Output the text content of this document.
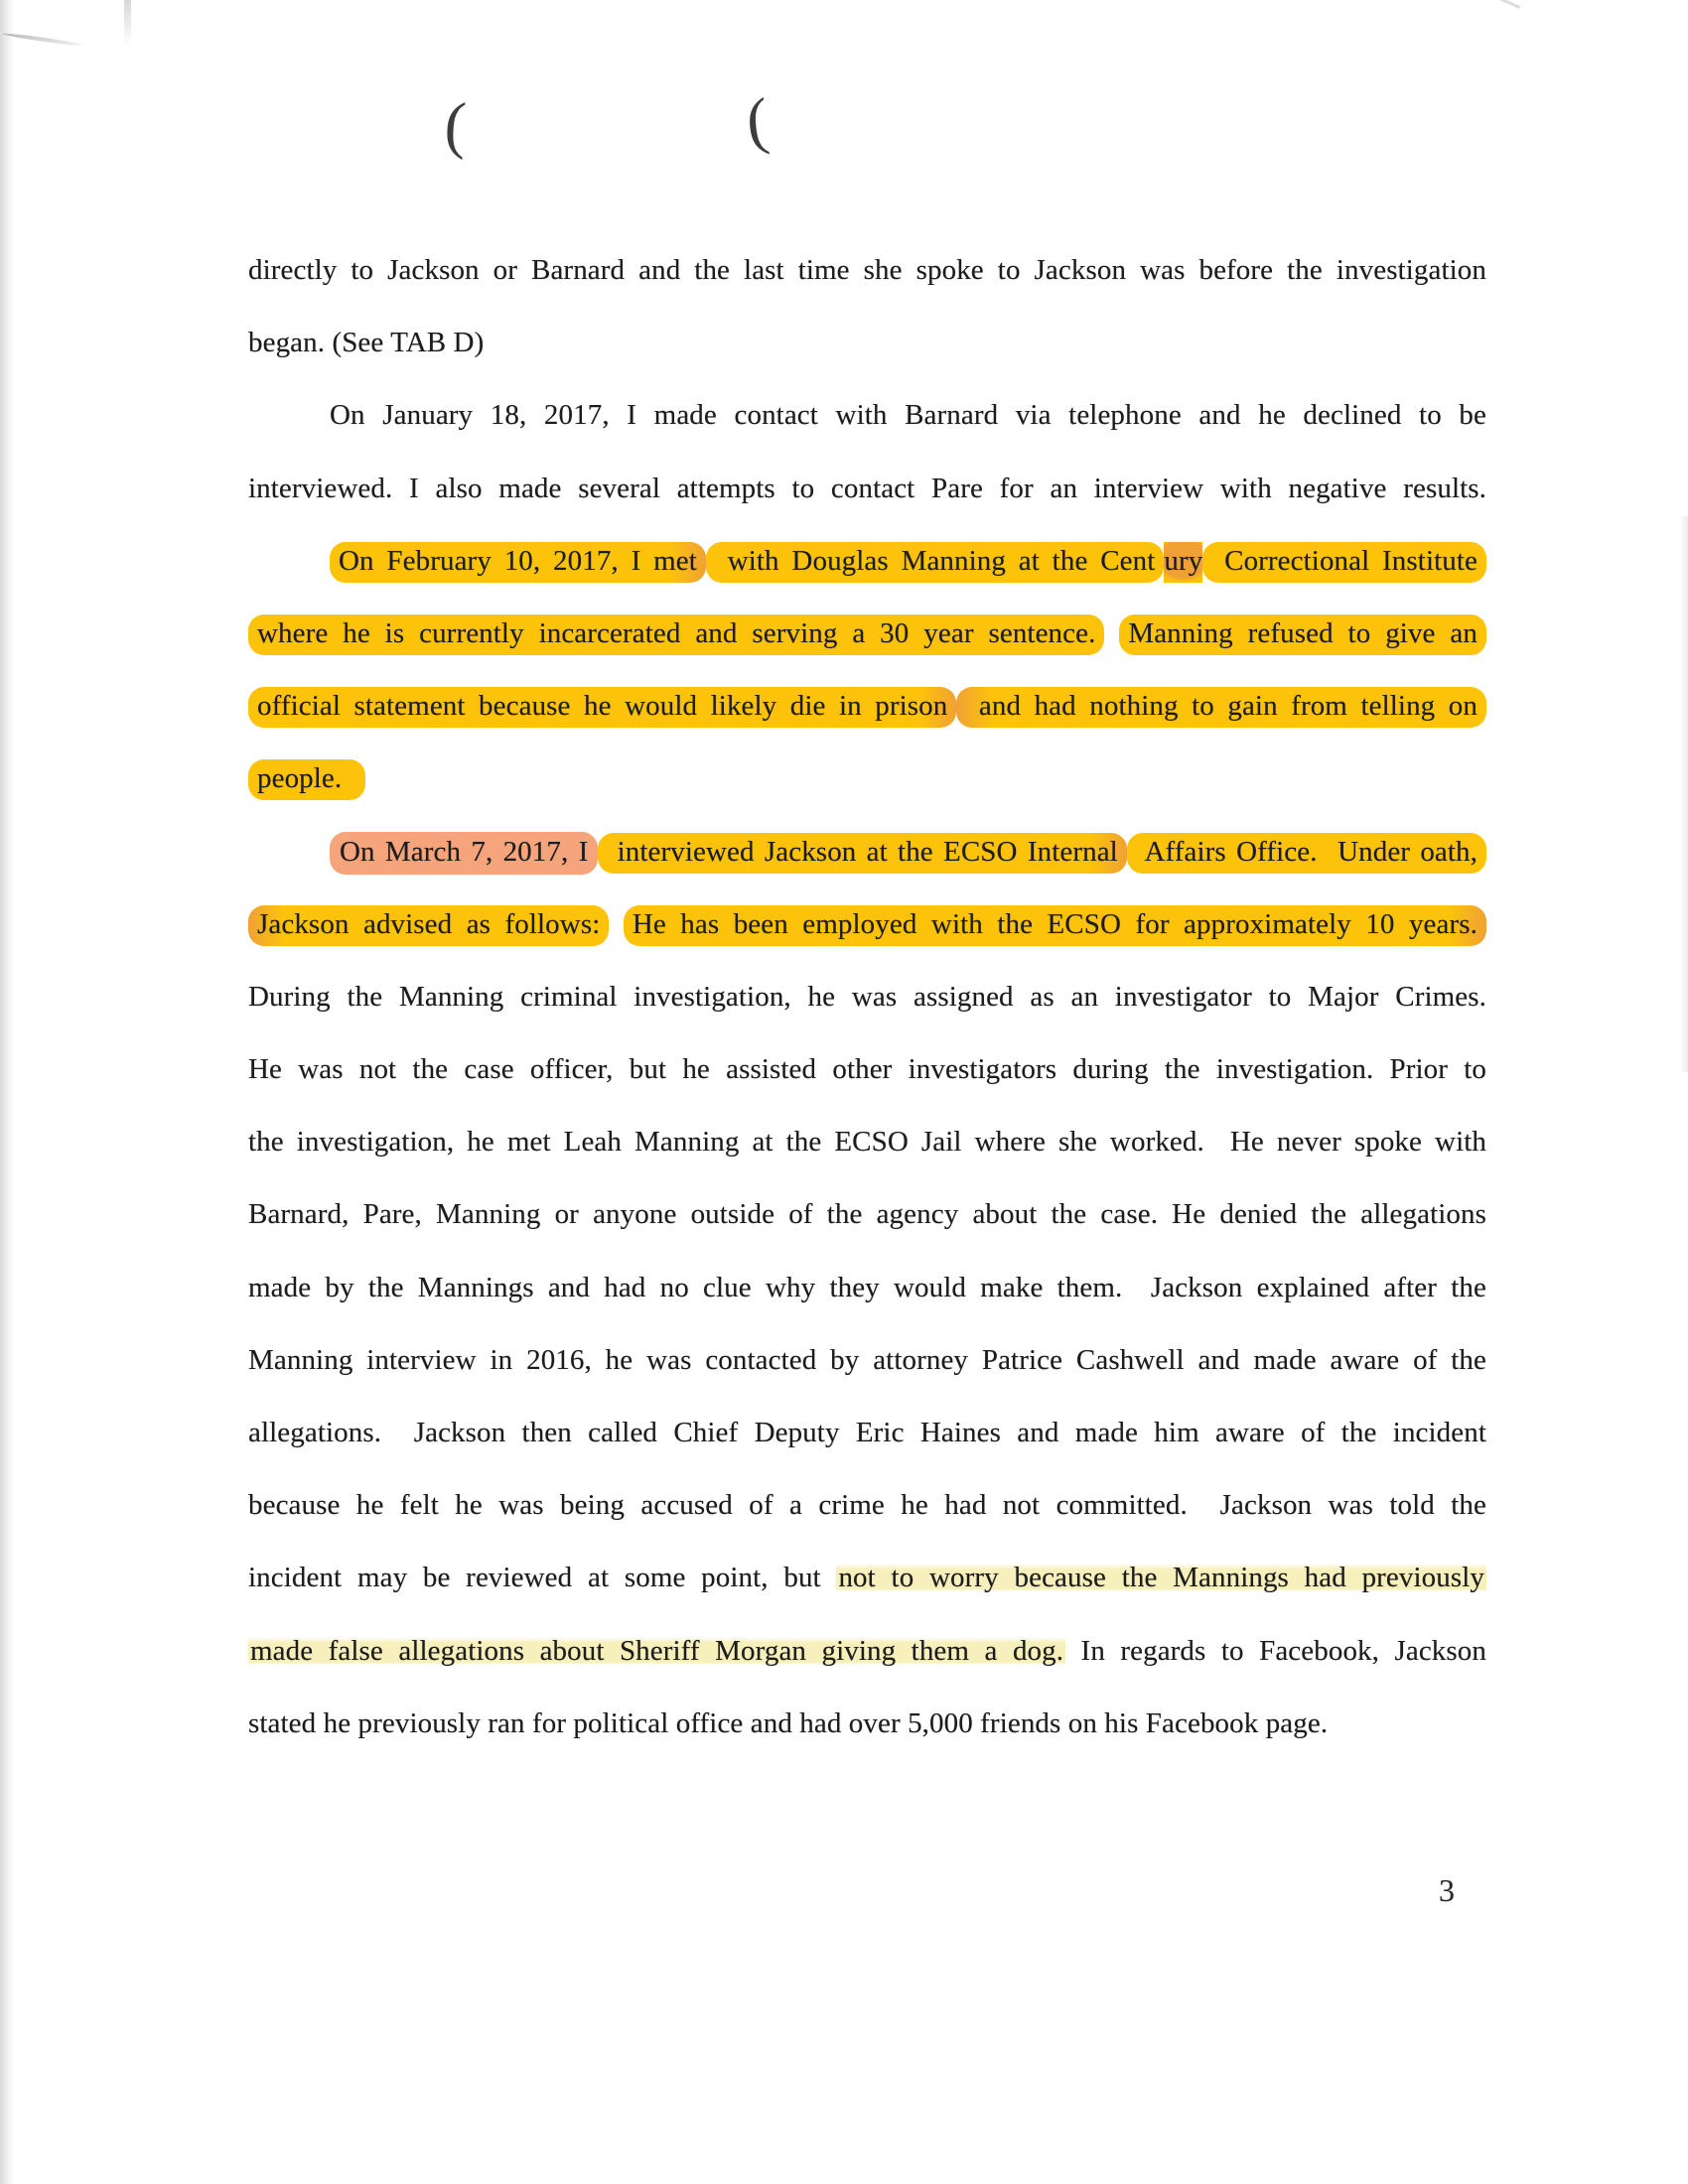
(	(
directly to Jackson or Barnard and the last time she spoke to Jackson was before the investigation
began. (See TAB D)
On January 18, 2017, I made contact with Barnard via telephone and he declined to be
interviewed. I also made several attempts to contact Pare for an interview with negative results.
On February 10, 2017, I met with Douglas Manning at the Cent ury Correctional Institute
where he is currently incarcerated and serving a 30 year sentence. Manning refused to give an
official statement because he would likely die in prison and had nothing to gain from telling on
people.
On March 7, 2017, I interviewed Jackson at the ECSO Internal Affairs Office.  Under oath,
Jackson advised as follows: He has been employed with the ECSO for approximately 10 years.
During the Manning criminal investigation, he was assigned as an investigator to Major Crimes.
He was not the case officer, but he assisted other investigators during the investigation. Prior to
the investigation, he met Leah Manning at the ECSO Jail where she worked.  He never spoke with
Barnard, Pare, Manning or anyone outside of the agency about the case. He denied the allegations
made by the Mannings and had no clue why they would make them.  Jackson explained after the
Manning interview in 2016, he was contacted by attorney Patrice Cashwell and made aware of the
allegations.  Jackson then called Chief Deputy Eric Haines and made him aware of the incident
because he felt he was being accused of a crime he had not committed.  Jackson was told the
incident may be reviewed at some point, but not to worry because the Mannings had previously
made false allegations about Sheriff Morgan giving them a dog. In regards to Facebook, Jackson
stated he previously ran for political office and had over 5,000 friends on his Facebook page.
3
